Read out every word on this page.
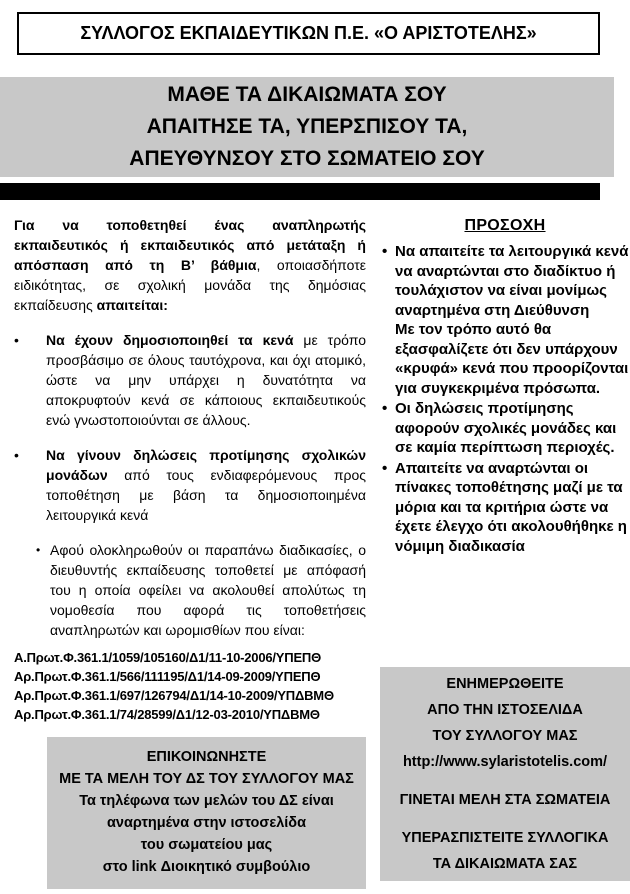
ΣΥΛΛΟΓΟΣ ΕΚΠΑΙΔΕΥΤΙΚΩΝ Π.Ε. «Ο ΑΡΙΣΤΟΤΕΛΗΣ»
ΜΑΘΕ ΤΑ ΔΙΚΑΙΩΜΑΤΑ ΣΟΥ
ΑΠΑΙΤΗΣΕ ΤΑ, ΥΠΕΡΣΠΙΣΟΥ ΤΑ,
ΑΠΕΥΘΥΝΣΟΥ ΣΤΟ ΣΩΜΑΤΕΙΟ ΣΟΥ

Για να τοποθετηθεί ένας αναπληρωτής εκπαιδευτικός ή εκπαιδευτικός από μετάταξη ή απόσπαση από τη Β’ βάθμια, οποιασδήποτε ειδικότητας, σε σχολική μονάδα της δημόσιας εκπαίδευσης απαιτείται:

•
Να έχουν δημοσιοποιηθεί τα κενά με τρόπο προσβάσιμο σε όλους ταυτόχρονα, και όχι ατομικό, ώστε να μην υπάρχει η δυνατότητα να αποκρυφτούν κενά σε κάποιους εκπαιδευτικούς ενώ γνωστοποιούνται σε άλλους.
•
Να γίνουν δηλώσεις προτίμησης σχολικών μονάδων από τους ενδιαφερόμενους προς τοποθέτηση με βάση τα δημοσιοποιημένα λειτουργικά κενά
•
Αφού ολοκληρωθούν οι παραπάνω διαδικασίες, ο διευθυντής εκπαίδευσης τοποθετεί με απόφασή του η οποία οφείλει να ακολουθεί απολύτως τη νομοθεσία που αφορά τις τοποθετήσεις αναπληρωτών και ωρομισθίων που είναι:
Α.Πρωτ.Φ.361.1/1059/105160/Δ1/11-10-2006/ΥΠΕΠΘ
Αρ.Πρωτ.Φ.361.1/566/111195/Δ1/14-09-2009/ΥΠΕΠΘ
Αρ.Πρωτ.Φ.361.1/697/126794/Δ1/14-10-2009/ΥΠΔΒΜΘ
Αρ.Πρωτ.Φ.361.1/74/28599/Δ1/12-03-2010/ΥΠΔΒΜΘ
ΕΠΙΚΟΙΝΩΝΗΣΤΕ
ΜΕ ΤΑ ΜΕΛΗ ΤΟΥ ΔΣ ΤΟΥ ΣΥΛΛΟΓΟΥ ΜΑΣ
Τα τηλέφωνα των μελών του ΔΣ είναι
αναρτημένα στην ιστοσελίδα
του σωματείου μας
στο link Διοικητικό συμβούλιο
ΠΡΟΣΟΧΗ
•
Να απαιτείτε τα λειτουργικά κενά να αναρτώνται στο διαδίκτυο ή τουλάχιστον να είναι μονίμως αναρτημένα στη Διεύθυνση
Με τον τρόπο αυτό θα εξασφαλίζετε ότι δεν υπάρχουν «κρυφά» κενά που προορίζονται για συγκεκριμένα πρόσωπα.
•
Οι δηλώσεις προτίμησης αφορούν σχολικές μονάδες και σε καμία περίπτωση περιοχές.
•
Απαιτείτε να αναρτώνται οι πίνακες τοποθέτησης μαζί με τα μόρια και τα κριτήρια ώστε να έχετε έλεγχο ότι ακολουθήθηκε η νόμιμη διαδικασία
ΕΝΗΜΕΡΩΘΕΙΤΕ
ΑΠΟ ΤΗΝ ΙΣΤΟΣΕΛΙΔΑ
ΤΟΥ ΣΥΛΛΟΓΟΥ ΜΑΣ
http://www.sylaristotelis.com/
ΓΙΝΕΤΑΙ ΜΕΛΗ ΣΤΑ ΣΩΜΑΤΕΙΑ
ΥΠΕΡΑΣΠΙΣΤΕΙΤΕ ΣΥΛΛΟΓΙΚΑ
ΤΑ ΔΙΚΑΙΩΜΑΤΑ ΣΑΣ
